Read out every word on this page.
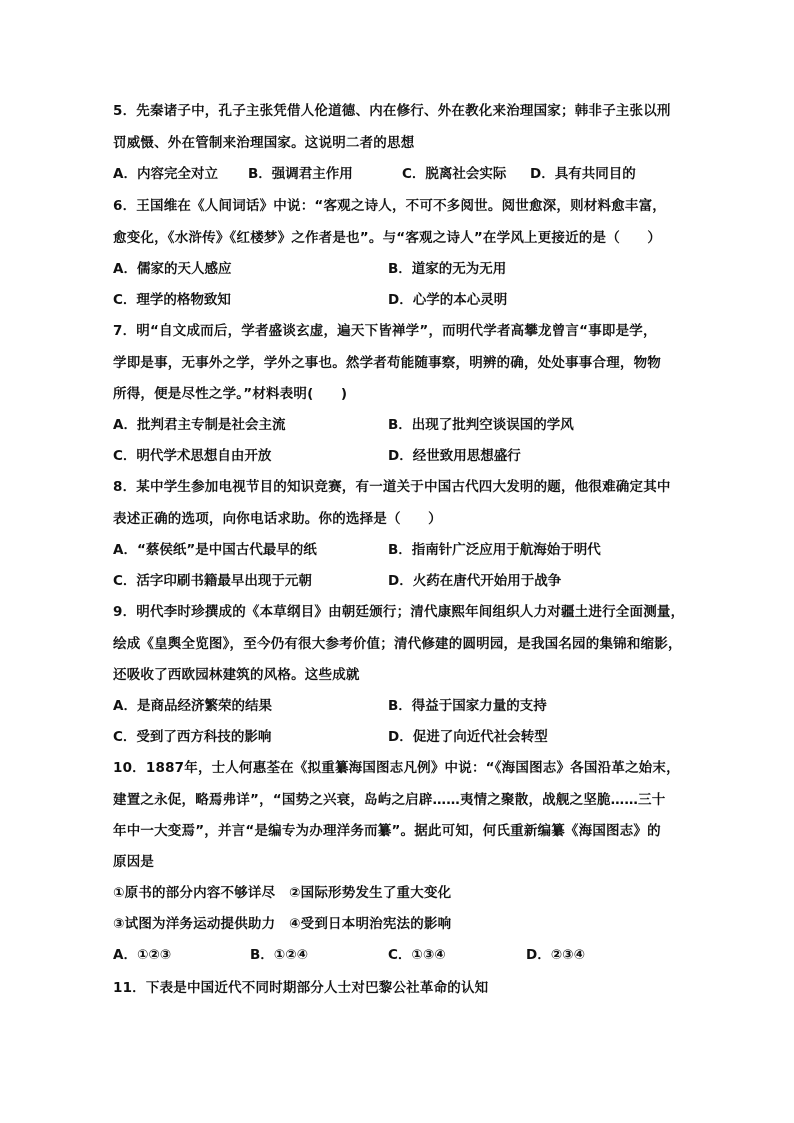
5．先秦诸子中，孔子主张凭借人伦道德、内在修行、外在教化来治理国家；韩非子主张以刑
罚威慑、外在管制来治理国家。这说明二者的思想
A．内容完全对立 B．强调君主作用	C．脱离社会实际 D．具有共同目的
6．王国维在《人间词话》中说：“客观之诗人，不可不多阅世。阅世愈深，则材料愈丰富，
愈变化，《水浒传》《红楼梦》之作者是也”。与“客观之诗人”在学风上更接近的是（　　）
A．儒家的天人感应	B．道家的无为无用
C．理学的格物致知	D．心学的本心灵明
7．明“自文成而后，学者盛谈玄虚，遍天下皆禅学”，而明代学者高攀龙曾言“事即是学，
学即是事，无事外之学，学外之事也。然学者苟能随事察，明辨的确，处处事事合理，物物
所得，便是尽性之学。”材料表明(　　)
A．批判君主专制是社会主流	B．出现了批判空谈误国的学风
C．明代学术思想自由开放	D．经世致用思想盛行
8．某中学生参加电视节目的知识竞赛，有一道关于中国古代四大发明的题，他很难确定其中
表述正确的选项，向你电话求助。你的选择是（　　）
A．“蔡侯纸”是中国古代最早的纸	B．指南针广泛应用于航海始于明代
C．活字印刷书籍最早出现于元朝	D．火药在唐代开始用于战争
9．明代李时珍撰成的《本草纲目》由朝廷颁行；清代康熙年间组织人力对疆土进行全面测量，
绘成《皇舆全览图》，至今仍有很大参考价值；清代修建的圆明园，是我国名园的集锦和缩影，
还吸收了西欧园林建筑的风格。这些成就
A．是商品经济繁荣的结果	B．得益于国家力量的支持
C．受到了西方科技的影响	D．促进了向近代社会转型
10．1887年，士人何惠荃在《拟重纂海国图志凡例》中说：“《海国图志》各国沿革之始末，
建置之永促，略焉弗详”，“国势之兴衰，岛屿之启辟……夷情之聚散，战舰之坚脆……三十
年中一大变焉”，并言“是编专为办理洋务而纂”。据此可知，何氏重新编纂《海国图志》的
原因是
①原书的部分内容不够详尽　②国际形势发生了重大变化
③试图为洋务运动提供助力　④受到日本明治宪法的影响
A．①②③	B．①②④	C．①③④	D．②③④
11．下表是中国近代不同时期部分人士对巴黎公社革命的认知
